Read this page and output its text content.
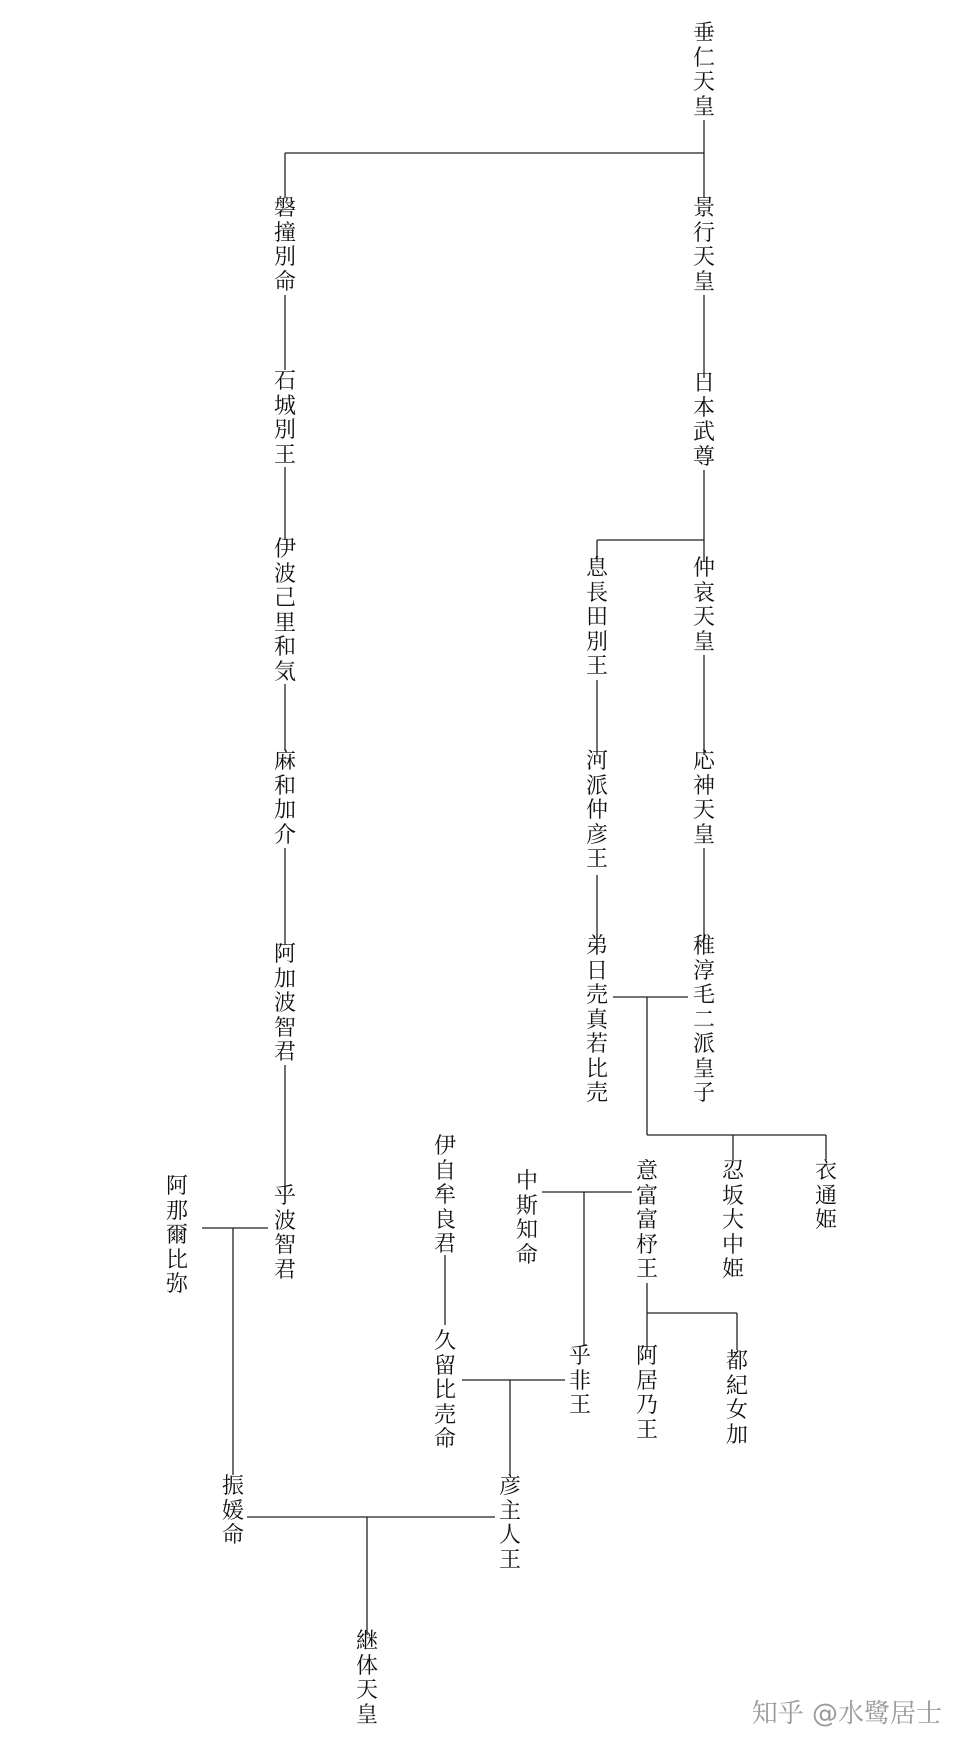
垂仁天皇
景行天皇
日本武尊
仲哀天皇
応神天皇
稚淳毛二派皇子
息長田別王
河派仲彦王
弟日売真若比売
磐撞別命
石城別王
伊波己里和気
麻和加介
阿加波智君
乎波智君
阿那爾比弥
振媛命
継体天皇
意富富杼王
忍坂大中姫
衣通姫
中斯知命
乎非王
阿居乃王
都紀女加
伊自牟良君
久留比売命
彦主人王
知乎 @水鹭居士
